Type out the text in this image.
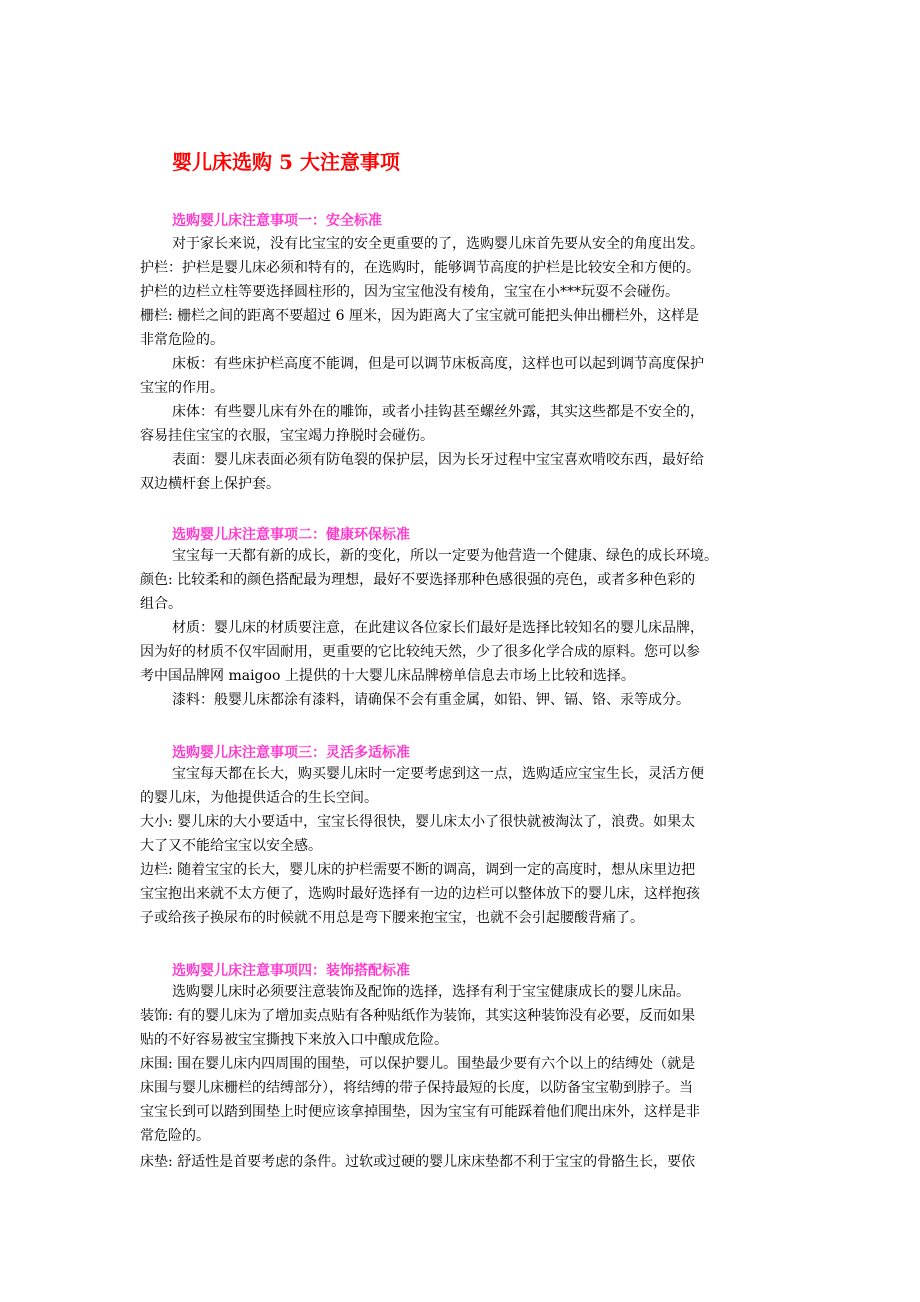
婴儿床选购 5 大注意事项
选购婴儿床注意事项一：安全标准
对于家长来说，没有比宝宝的安全更重要的了，选购婴儿床首先要从安全的角度出发。
护栏：护栏是婴儿床必须和特有的，在选购时，能够调节高度的护栏是比较安全和方便的。
护栏的边栏立柱等要选择圆柱形的，因为宝宝他没有棱角，宝宝在小***玩耍不会碰伤。
栅栏: 栅栏之间的距离不要超过 6 厘米，因为距离大了宝宝就可能把头伸出栅栏外，这样是
非常危险的。
床板：有些床护栏高度不能调，但是可以调节床板高度，这样也可以起到调节高度保护
宝宝的作用。
床体：有些婴儿床有外在的雕饰，或者小挂钩甚至螺丝外露，其实这些都是不安全的，
容易挂住宝宝的衣服，宝宝竭力挣脱时会碰伤。
表面：婴儿床表面必须有防龟裂的保护层，因为长牙过程中宝宝喜欢啃咬东西，最好给
双边横杆套上保护套。
选购婴儿床注意事项二：健康环保标准
宝宝每一天都有新的成长，新的变化，所以一定要为他营造一个健康、绿色的成长环境。
颜色: 比较柔和的颜色搭配最为理想，最好不要选择那种色感很强的亮色，或者多种色彩的
组合。
材质：婴儿床的材质要注意，在此建议各位家长们最好是选择比较知名的婴儿床品牌，
因为好的材质不仅牢固耐用，更重要的它比较纯天然，少了很多化学合成的原料。您可以参
考中国品牌网 maigoo 上提供的十大婴儿床品牌榜单信息去市场上比较和选择。
漆料：般婴儿床都涂有漆料，请确保不会有重金属，如铅、钾、镉、铬、汞等成分。
选购婴儿床注意事项三：灵活多适标准
宝宝每天都在长大，购买婴儿床时一定要考虑到这一点，选购适应宝宝生长，灵活方便
的婴儿床，为他提供适合的生长空间。
大小: 婴儿床的大小要适中，宝宝长得很快，婴儿床太小了很快就被淘汰了，浪费。如果太
大了又不能给宝宝以安全感。
边栏: 随着宝宝的长大，婴儿床的护栏需要不断的调高，调到一定的高度时，想从床里边把
宝宝抱出来就不太方便了，选购时最好选择有一边的边栏可以整体放下的婴儿床，这样抱孩
子或给孩子换尿布的时候就不用总是弯下腰来抱宝宝，也就不会引起腰酸背痛了。
选购婴儿床注意事项四：装饰搭配标准
选购婴儿床时必须要注意装饰及配饰的选择，选择有利于宝宝健康成长的婴儿床品。
装饰: 有的婴儿床为了增加卖点贴有各种贴纸作为装饰，其实这种装饰没有必要，反而如果
贴的不好容易被宝宝撕拽下来放入口中酿成危险。
床围: 围在婴儿床内四周围的围垫，可以保护婴儿。围垫最少要有六个以上的结缚处（就是
床围与婴儿床栅栏的结缚部分），将结缚的带子保持最短的长度，以防备宝宝勒到脖子。当
宝宝长到可以踏到围垫上时便应该拿掉围垫，因为宝宝有可能踩着他们爬出床外，这样是非
常危险的。
床垫: 舒适性是首要考虑的条件。过软或过硬的婴儿床床垫都不利于宝宝的骨骼生长，要依
